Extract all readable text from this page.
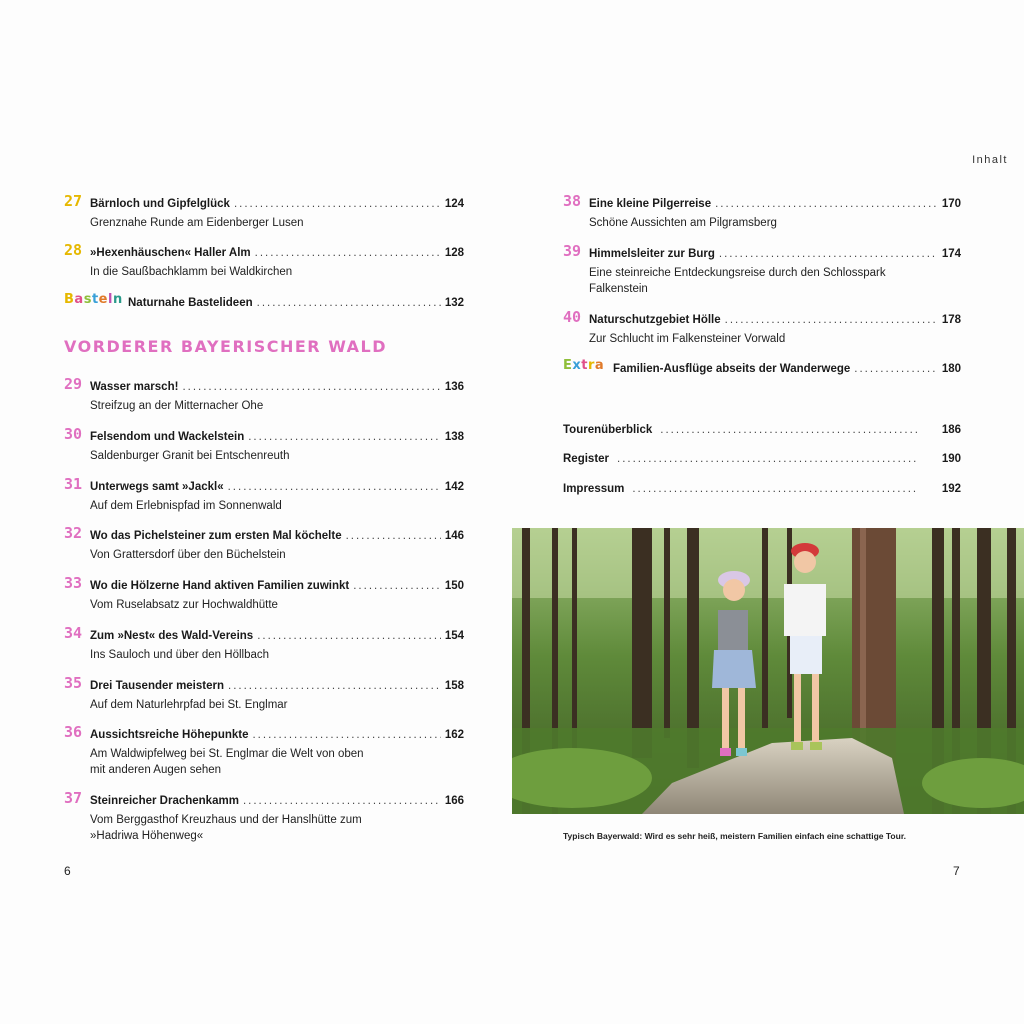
Inhalt
27 Bärnloch und Gipfelglück .....	124
Grenznahe Runde am Eidenberger Lusen
28 »Hexenhäuschen« Haller Alm .....	128
In die Saußbachklamm bei Waldkirchen
Basteln Naturnahe Bastelideen .....	132
VORDERER BAYERISCHER WALD
29 Wasser marsch! .....	136
Streifzug an der Mitternacher Ohe
30 Felsendom und Wackelstein .....	138
Saldenburger Granit bei Entschenreuth
31 Unterwegs samt »Jackl« .....	142
Auf dem Erlebnispfad im Sonnenwald
32 Wo das Pichelsteiner zum ersten Mal köchelte .....	146
Von Grattersdorf über den Büchelstein
33 Wo die Hölzerne Hand aktiven Familien zuwinkt .....	150
Vom Ruselabsatz zur Hochwaldhütte
34 Zum »Nest« des Wald-Vereins .....	154
Ins Sauloch und über den Höllbach
35 Drei Tausender meistern .....	158
Auf dem Naturlehrpfad bei St. Englmar
36 Aussichtsreiche Höhepunkte .....	162
Am Waldwipfelweg bei St. Englmar die Welt von oben
mit anderen Augen sehen
37 Steinreicher Drachenkamm .....	166
Vom Berggasthof Kreuzhaus und der Hanslhütte zum
»Hadriwa Höhenweg«
38 Eine kleine Pilgerreise .....	170
Schöne Aussichten am Pilgramsberg
39 Himmelsleiter zur Burg .....	174
Eine steinreiche Entdeckungsreise durch den Schlosspark
Falkenstein
40 Naturschutzgebiet Hölle .....	178
Zur Schlucht im Falkensteiner Vorwald
Extra Familien-Ausflüge abseits der Wanderwege .....	180
Tourenüberblick .....	186
Register .....	190
Impressum .....	192
Typisch Bayerwald: Wird es sehr heiß, meistern Familien einfach eine schattige Tour.
6	7
